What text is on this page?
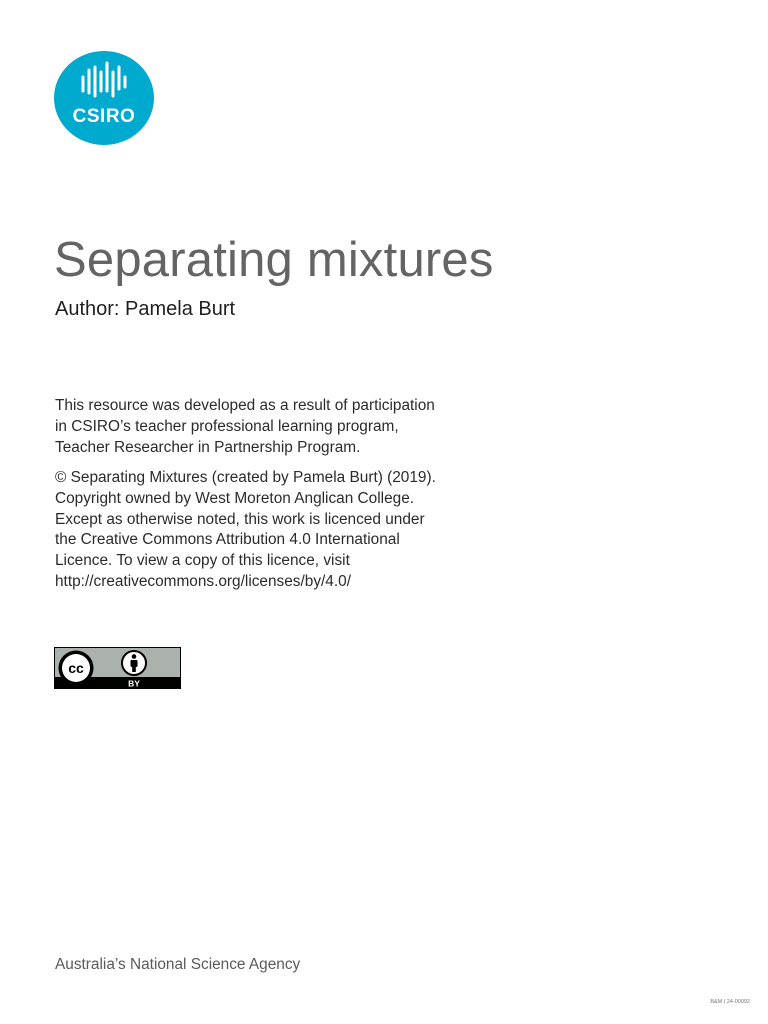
CSIRO
Separating mixtures
Author: Pamela Burt
This resource was developed as a result of participation
in CSIRO’s teacher professional learning program,
Teacher Researcher in Partnership Program.
© Separating Mixtures (created by Pamela Burt) (2019).
Copyright owned by West Moreton Anglican College.
Except as otherwise noted, this work is licenced under
the Creative Commons Attribution 4.0 International
Licence. To view a copy of this licence, visit
http://creativecommons.org/licenses/by/4.0/
cc
BY

Australia’s National Science Agency

B&M | 24-00092
